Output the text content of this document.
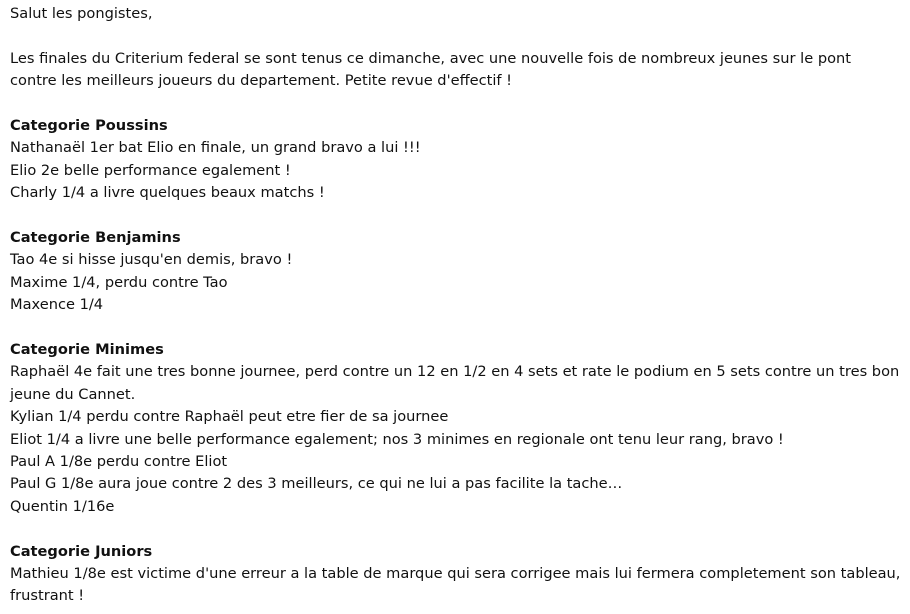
Salut les pongistes,
Les finales du Criterium federal se sont tenus ce dimanche, avec une nouvelle fois de nombreux jeunes sur le pont contre les meilleurs joueurs du departement. Petite revue d'effectif !
Categorie Poussins
Nathanaël 1er bat Elio en finale, un grand bravo a lui !!!
Elio 2e belle performance egalement !
Charly 1/4 a livre quelques beaux matchs !
Categorie Benjamins
Tao 4e si hisse jusqu'en demis, bravo !
Maxime 1/4, perdu contre Tao
Maxence 1/4
Categorie Minimes
Raphaël 4e fait une tres bonne journee, perd contre un 12 en 1/2 en 4 sets et rate le podium en 5 sets contre un tres bon jeune du Cannet.
Kylian 1/4 perdu contre Raphaël peut etre fier de sa journee
Eliot 1/4 a livre une belle performance egalement; nos 3 minimes en regionale ont tenu leur rang, bravo !
Paul A 1/8e perdu contre Eliot
Paul G 1/8e aura joue contre 2 des 3 meilleurs, ce qui ne lui a pas facilite la tache…
Quentin 1/16e
Categorie Juniors
Mathieu 1/8e est victime d'une erreur a la table de marque qui sera corrigee mais lui fermera completement son tableau, frustrant !
